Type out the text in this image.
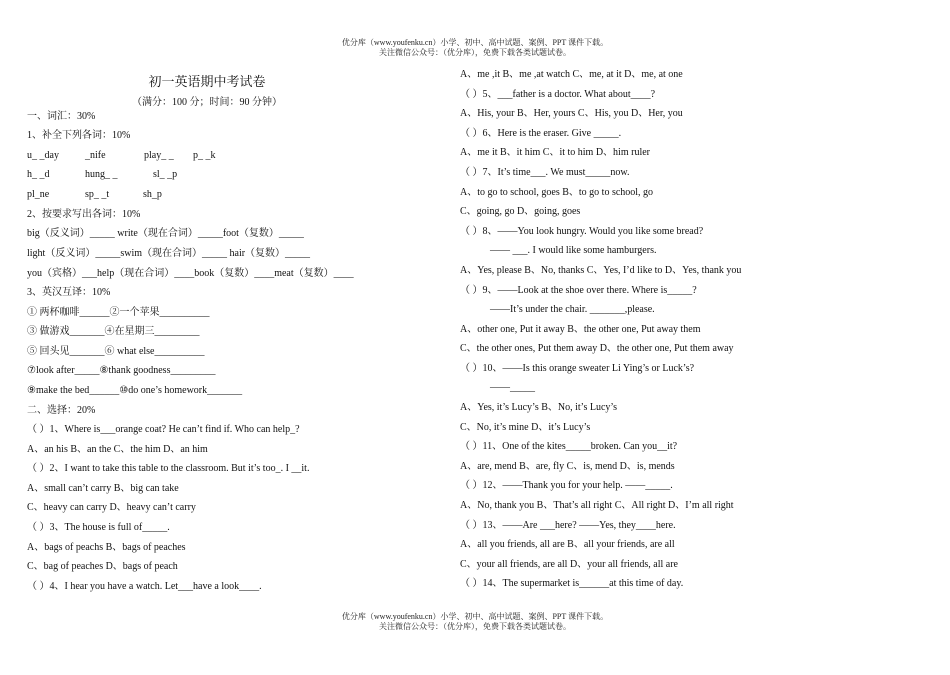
优分库（www.youfenku.cn）小学、初中、高中试题、案例、PPT 课件下载。
关注微信公众号：（优分库），免费下载各类试题试卷。
初一英语期中考试卷
（满分：100 分；时间：90 分钟）
一、词汇：30%
1、补全下列各词：10%
u_ _day	_nife	play_ _ p_ _k
h_ _d	hung_ _	sl_ _p
pl_ne	sp_ _t	sh_p
2、按要求写出各词：10%
big（反义词）_____ write（现在合词）_____foot（复数）_____
light（反义词）_____swim（现在合词）_____ hair（复数）_____
you（宾格）___help（现在合词）____book（复数）____meat（复数）____
3、英汉互译：10%
① 两杯咖啡______②一个苹果__________
③ 做游戏_______④在星期三_________
⑤ 回头见_______⑥ what else__________
⑦look after_____⑧thank goodness_________
⑨make the bed______⑩do one’s homework_______
二、选择：20%
（ ）1、Where is___orange coat? He can’t find if. Who can help_?
A、an his B、an the C、the him D、an him
（ ）2、I want to take this table to the classroom. But it’s too_. I __it.
A、small can’t carry B、big can take
C、heavy can carry D、heavy can’t carry
（ ）3、The house is full of_____.
A、bags of peachs B、bags of peaches
C、bag of peaches D、bags of peach
（ ）4、I hear you have a watch. Let___have a look____.
A、me ,it B、me ,at watch C、me, at it D、me, at one
（ ）5、___father is a doctor. What about____?
A、His, your B、Her, yours C、His, you D、Her, you
（ ）6、Here is the eraser. Give _____.
A、me it B、it him C、it to him D、him ruler
（ ）7、It’s time___. We must_____now.
A、to go to school, goes B、to go to school, go
C、going, go D、going, goes
（ ）8、——You look hungry. Would you like some bread?
—— ___. I would like some hamburgers.
A、Yes, please B、No, thanks C、Yes, I’d like to D、Yes, thank you
（ ）9、——Look at the shoe over there. Where is_____?
——It’s under the chair. _______,please.
A、other one, Put it away B、the other one, Put away them
C、the other ones, Put them away D、the other one, Put them away
（ ）10、——Is this orange sweater Li Ying’s or Luck’s?
——_____
A、Yes, it’s Lucy’s B、No, it’s Lucy’s
C、No, it’s mine D、it’s Lucy’s
（ ）11、One of the kites_____broken. Can you__it?
A、are, mend B、are, fly C、is, mend D、is, mends
（ ）12、——Thank you for your help. ——_____.
A、No, thank you B、That’s all right C、All right D、I’m all right
（ ）13、——Are ___here? ——Yes, they____here.
A、all you friends, all are B、all your friends, are all
C、your all friends, are all D、your all friends, all are
（ ）14、The supermarket is______at this time of day.
优分库（www.youfenku.cn）小学、初中、高中试题、案例、PPT 课件下载。
关注微信公众号：（优分库），免费下载各类试题试卷。
